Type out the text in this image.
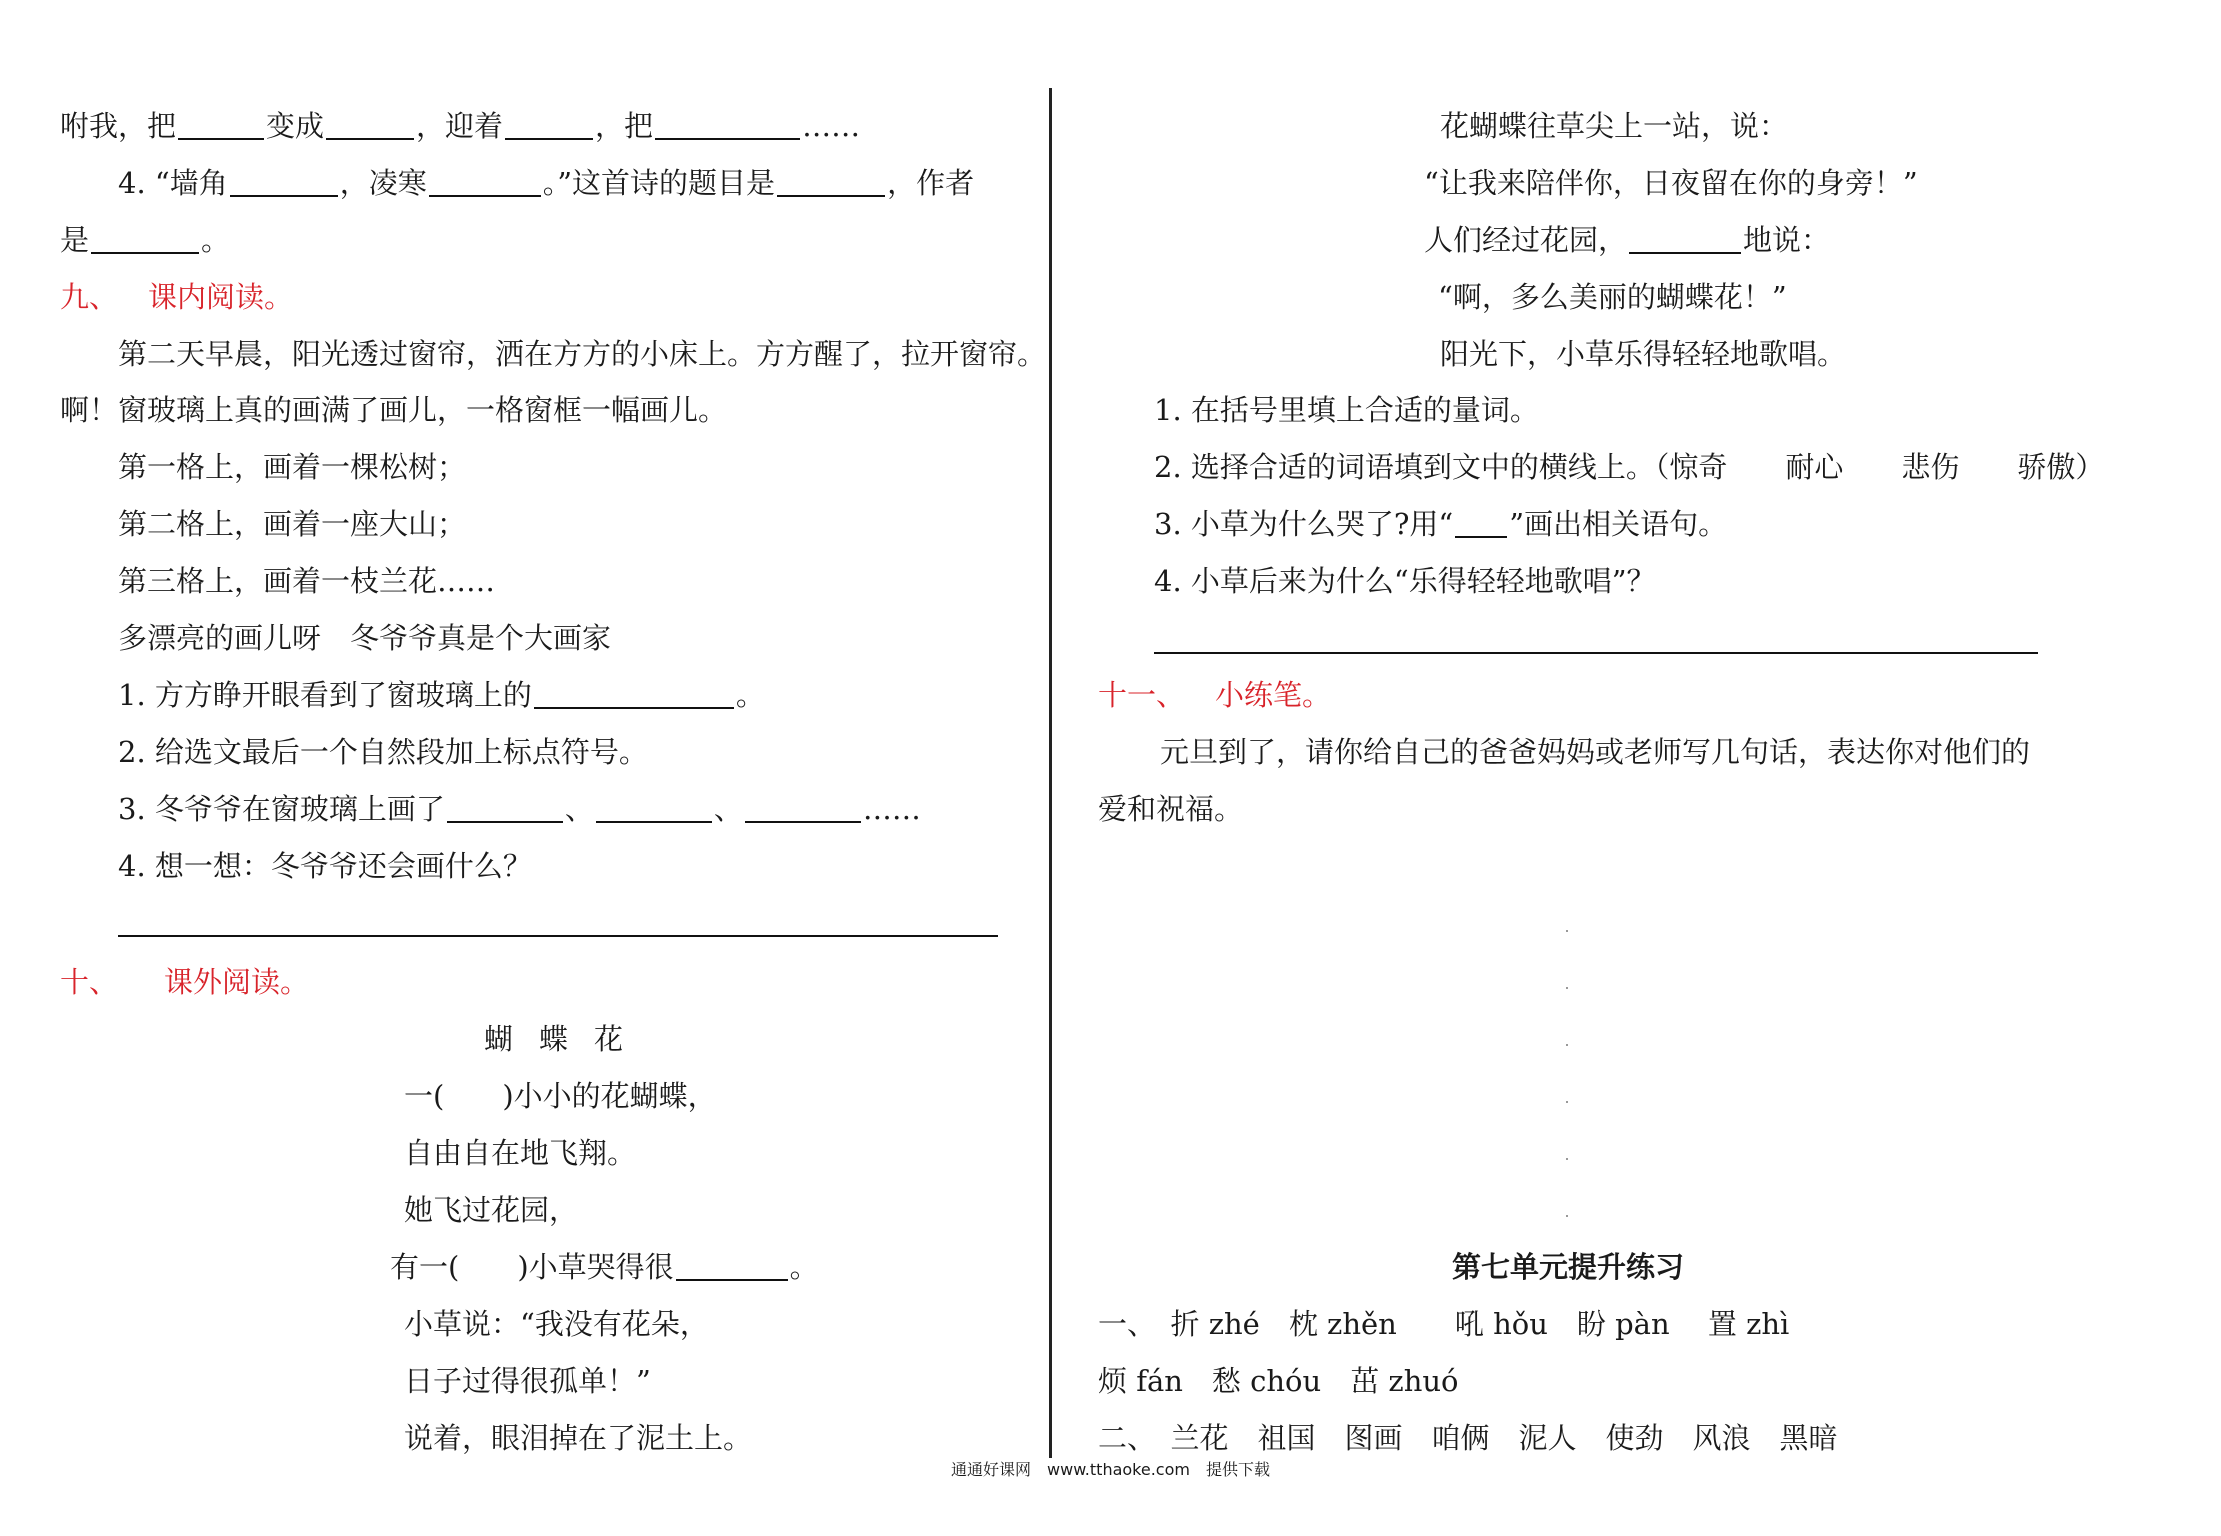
咐我，把	变成	，迎着	，把	……
4. “墙角	，凌寒	。”这首诗的题目是	，作者
是	。
九、 课内阅读。
第二天早晨，阳光透过窗帘，洒在方方的小床上。方方醒了，拉开窗帘。
啊！窗玻璃上真的画满了画儿，一格窗框一幅画儿。
第一格上，画着一棵松树；
第二格上，画着一座大山；
第三格上，画着一枝兰花……
多漂亮的画儿呀　冬爷爷真是个大画家
1. 方方睁开眼看到了窗玻璃上的	。
2. 给选文最后一个自然段加上标点符号。
3. 冬爷爷在窗玻璃上画了	、	、	……
4. 想一想：冬爷爷还会画什么？
十、 课外阅读。
蝴蝶花
一(　　)小小的花蝴蝶，
自由自在地飞翔。
她飞过花园，
有一(　　)小草哭得很	。
小草说：“我没有花朵，
日子过得很孤单！”
说着，眼泪掉在了泥土上。
花蝴蝶往草尖上一站，说：
“让我来陪伴你，日夜留在你的身旁！”
人们经过花园，	地说：
“啊，多么美丽的蝴蝶花！”
阳光下，小草乐得轻轻地歌唱。
1. 在括号里填上合适的量词。
2. 选择合适的词语填到文中的横线上。（惊奇　　耐心　　悲伤　　骄傲）
3. 小草为什么哭了?用“ ”画出相关语句。
4. 小草后来为什么“乐得轻轻地歌唱”？
十一、 小练笔。
元旦到了，请你给自己的爸爸妈妈或老师写几句话，表达你对他们的
爱和祝福。
第七单元提升练习
一、　折 zhé　枕 zhěn　　吼 hǒu　盼 pàn　 置 zhì
烦 fán　愁 chóu　茁 zhuó
二、　兰花　祖国　图画　咱俩　泥人　使劲　风浪　黑暗
通通好课网　www.tthaoke.com　提供下载
